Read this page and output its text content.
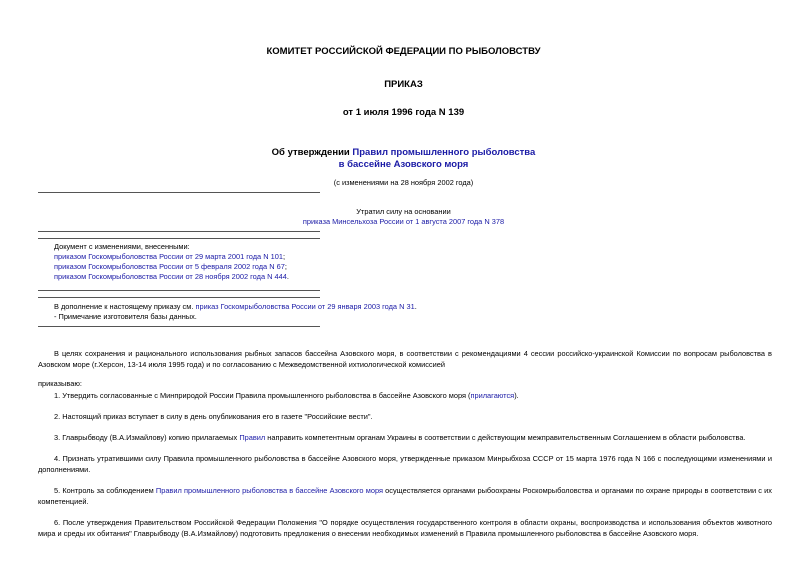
КОМИТЕТ РОССИЙСКОЙ ФЕДЕРАЦИИ ПО РЫБОЛОВСТВУ
ПРИКАЗ
от 1 июля 1996 года N 139
Об утверждении Правил промышленного рыболовства
в бассейне Азовского моря
(с изменениями на 28 ноября 2002 года)
Утратил силу на основании
приказа Минсельхоза России от 1 августа 2007 года N 378
Документ с изменениями, внесенными:
приказом Госкомрыболовства России от 29 марта 2001 года N 101;
приказом Госкомрыболовства России от 5 февраля 2002 года N 67;
приказом Госкомрыболовства России от 28 ноября 2002 года N 444.
В дополнение к настоящему приказу см. приказ Госкомрыболовства России от 29 января 2003 года N 31.
- Примечание изготовителя базы данных.
В целях сохранения и рационального использования рыбных запасов бассейна Азовского моря, в соответствии с рекомендациями 4 сессии российско-украинской Комиссии по вопросам рыболовства в Азовском море (г.Херсон, 13-14 июля 1995 года) и по согласованию с Межведомственной ихтиологической комиссией
приказываю:
1. Утвердить согласованные с Минприродой России Правила промышленного рыболовства в бассейне Азовского моря (прилагаются).
2. Настоящий приказ вступает в силу в день опубликования его в газете "Российские вести".
3. Главрыбводу (В.А.Измайлову) копию прилагаемых Правил направить компетентным органам Украины в соответствии с действующим межправительственным Соглашением в области рыболовства.
4. Признать утратившими силу Правила промышленного рыболовства в бассейне Азовского моря, утвержденные приказом Минрыбхоза СССР от 15 марта 1976 года N 166 с последующими изменениями и дополнениями.
5. Контроль за соблюдением Правил промышленного рыболовства в бассейне Азовского моря осуществляется органами рыбоохраны Роскомрыболовства и органами по охране природы в соответствии с их компетенцией.
6. После утверждения Правительством Российской Федерации Положения "О порядке осуществления государственного контроля в области охраны, воспроизводства и использования объектов животного мира и среды их обитания" Главрыбводу (В.А.Измайлову) подготовить предложения о внесении необходимых изменений в Правила промышленного рыболовства в бассейне Азовского моря.
